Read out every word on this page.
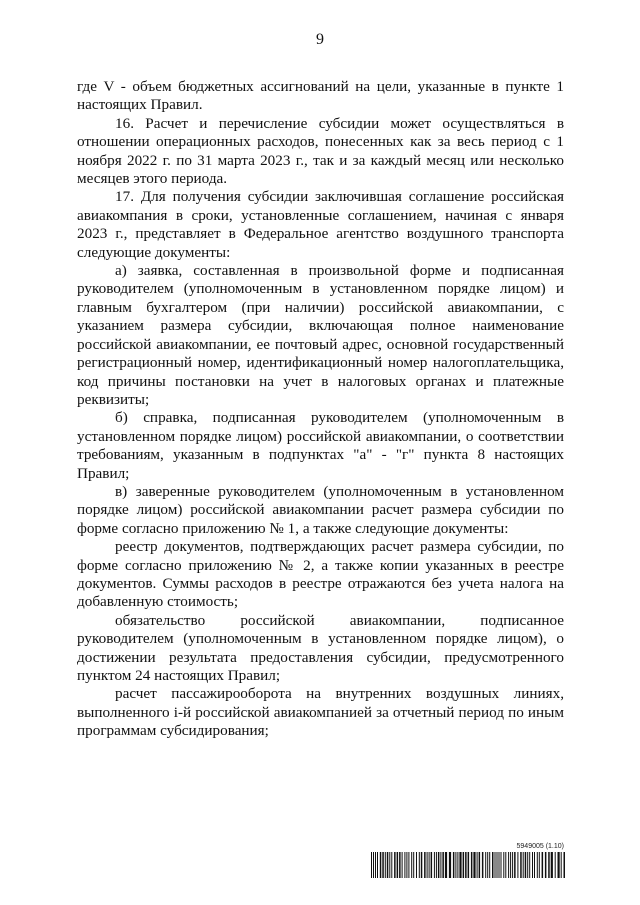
9

где V - объем бюджетных ассигнований на цели, указанные в пункте 1 настоящих Правил.

16. Расчет и перечисление субсидии может осуществляться в отношении операционных расходов, понесенных как за весь период с 1 ноября 2022 г. по 31 марта 2023 г., так и за каждый месяц или несколько месяцев этого периода.

17. Для получения субсидии заключившая соглашение российская авиакомпания в сроки, установленные соглашением, начиная с января 2023 г., представляет в Федеральное агентство воздушного транспорта следующие документы:

а) заявка, составленная в произвольной форме и подписанная руководителем (уполномоченным в установленном порядке лицом) и главным бухгалтером (при наличии) российской авиакомпании, с указанием размера субсидии, включающая полное наименование российской авиакомпании, ее почтовый адрес, основной государственный регистрационный номер, идентификационный номер налогоплательщика, код причины постановки на учет в налоговых органах и платежные реквизиты;

б) справка, подписанная руководителем (уполномоченным в установленном порядке лицом) российской авиакомпании, о соответствии требованиям, указанным в подпунктах "а" - "г" пункта 8 настоящих Правил;

в) заверенные руководителем (уполномоченным в установленном порядке лицом) российской авиакомпании расчет размера субсидии по форме согласно приложению № 1, а также следующие документы:

реестр документов, подтверждающих расчет размера субсидии, по форме согласно приложению № 2, а также копии указанных в реестре документов. Суммы расходов в реестре отражаются без учета налога на добавленную стоимость;

обязательство российской авиакомпании, подписанное руководителем (уполномоченным в установленном порядке лицом), о достижении результата предоставления субсидии, предусмотренного пунктом 24 настоящих Правил;

расчет пассажирооборота на внутренних воздушных линиях, выполненного i-й российской авиакомпанией за отчетный период по иным программам субсидирования;

5949005 (1.10)
